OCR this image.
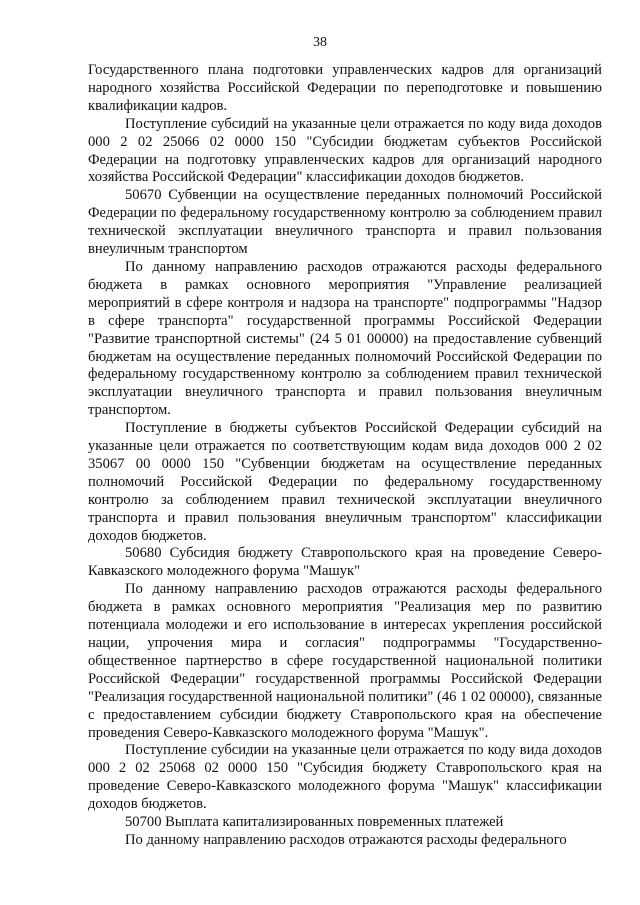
38

Государственного плана подготовки управленческих кадров для организаций народного хозяйства Российской Федерации по переподготовке и повышению квалификации кадров.

Поступление субсидий на указанные цели отражается по коду вида доходов 000 2 02 25066 02 0000 150 "Субсидии бюджетам субъектов Российской Федерации на подготовку управленческих кадров для организаций народного хозяйства Российской Федерации" классификации доходов бюджетов.

50670 Субвенции на осуществление переданных полномочий Российской Федерации по федеральному государственному контролю за соблюдением правил технической эксплуатации внеуличного транспорта и правил пользования внеуличным транспортом

По данному направлению расходов отражаются расходы федерального бюджета в рамках основного мероприятия "Управление реализацией мероприятий в сфере контроля и надзора на транспорте" подпрограммы "Надзор в сфере транспорта" государственной программы Российской Федерации "Развитие транспортной системы" (24 5 01 00000) на предоставление субвенций бюджетам на осуществление переданных полномочий Российской Федерации по федеральному государственному контролю за соблюдением правил технической эксплуатации внеуличного транспорта и правил пользования внеуличным транспортом.

Поступление в бюджеты субъектов Российской Федерации субсидий на указанные цели отражается по соответствующим кодам вида доходов 000 2 02 35067 00 0000 150 "Субвенции бюджетам на осуществление переданных полномочий Российской Федерации по федеральному государственному контролю за соблюдением правил технической эксплуатации внеуличного транспорта и правил пользования внеуличным транспортом" классификации доходов бюджетов.

50680 Субсидия бюджету Ставропольского края на проведение Северо-Кавказского молодежного форума "Машук"

По данному направлению расходов отражаются расходы федерального бюджета в рамках основного мероприятия "Реализация мер по развитию потенциала молодежи и его использование в интересах укрепления российской нации, упрочения мира и согласия" подпрограммы "Государственно-общественное партнерство в сфере государственной национальной политики Российской Федерации" государственной программы Российской Федерации "Реализация государственной национальной политики" (46 1 02 00000), связанные с предоставлением субсидии бюджету Ставропольского края на обеспечение проведения Северо-Кавказского молодежного форума "Машук".

Поступление субсидии на указанные цели отражается по коду вида доходов 000 2 02 25068 02 0000 150 "Субсидия бюджету Ставропольского края на проведение Северо-Кавказского молодежного форума "Машук" классификации доходов бюджетов.

50700 Выплата капитализированных повременных платежей

По данному направлению расходов отражаются расходы федерального
